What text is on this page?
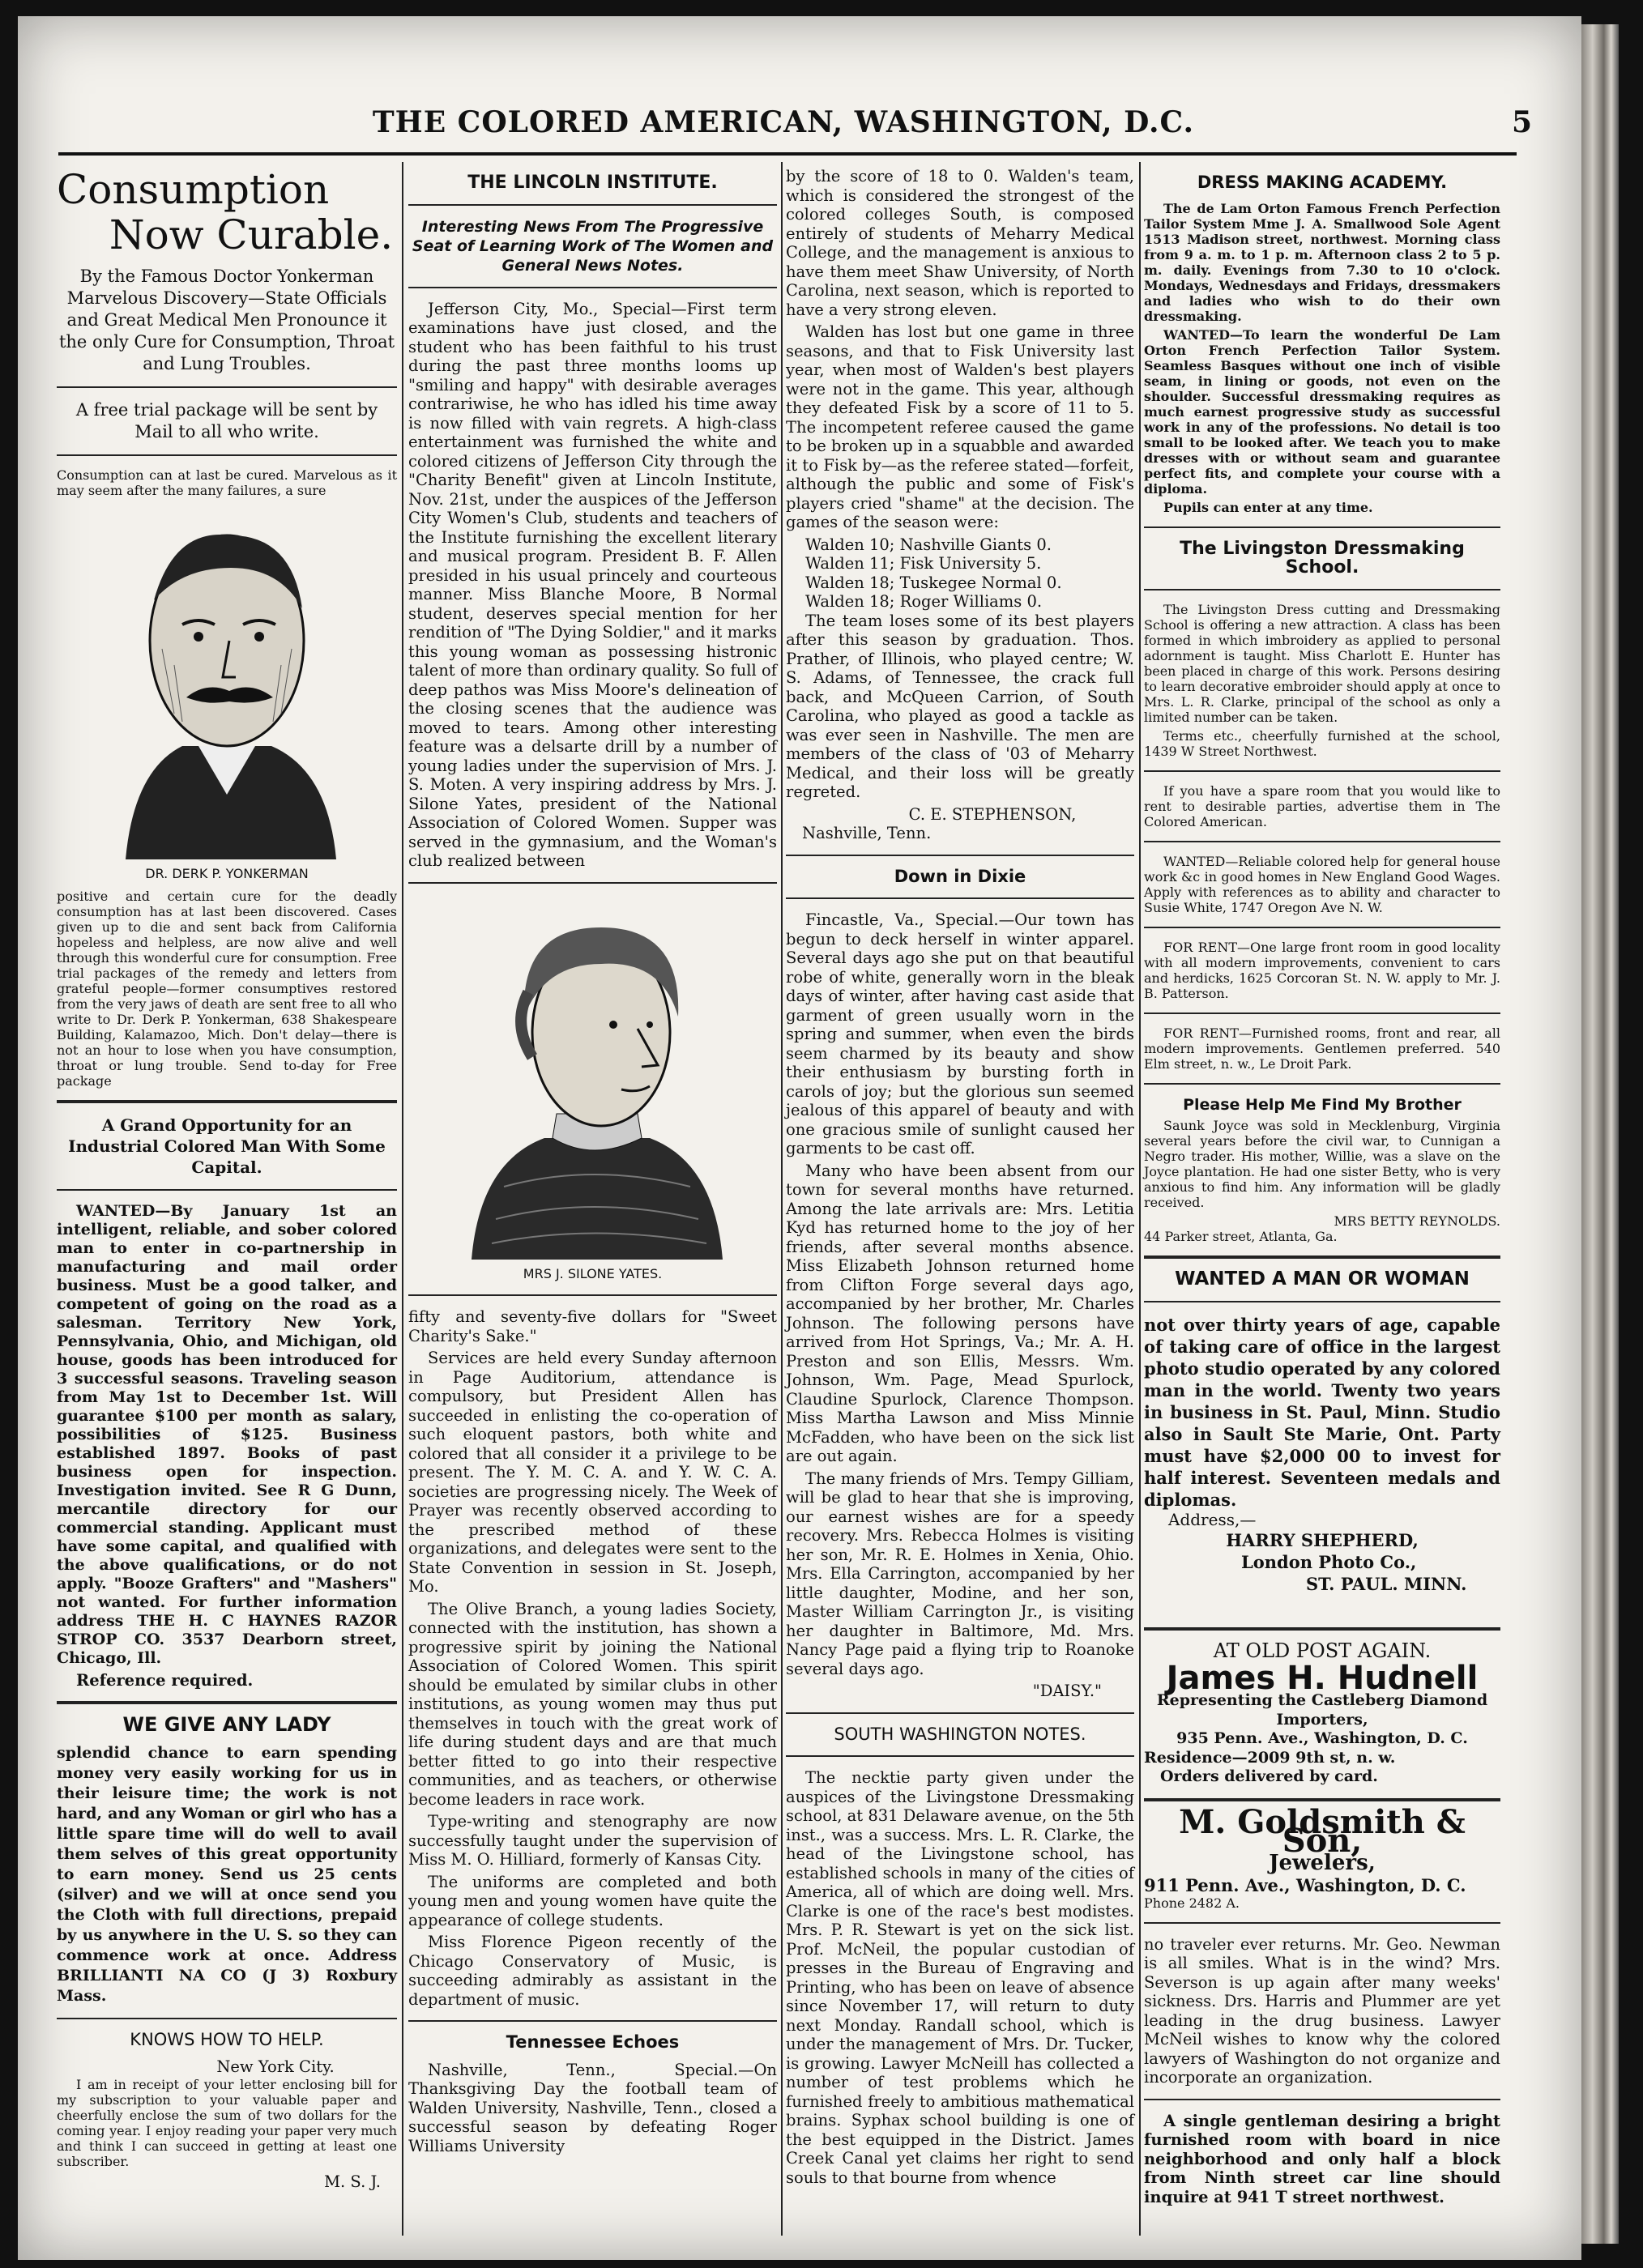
THE COLORED AMERICAN, WASHINGTON, D.C.	5
Consumption
Now Curable.
By the Famous Doctor Yonkerman Marvelous Discovery—State Officials and Great Medical Men Pronounce it the only Cure for Consumption, Throat and Lung Troubles.
A free trial package will be sent by Mail to all who write.
Consumption can at last be cured. Marvelous as it may seem after the many failures, a sure
DR. DERK P. YONKERMAN
positive and certain cure for the deadly consumption has at last been discovered. Cases given up to die and sent back from California hopeless and helpless, are now alive and well through this wonderful cure for consumption. Free trial packages of the remedy and letters from grateful people—former consumptives restored from the very jaws of death are sent free to all who write to Dr. Derk P. Yonkerman, 638 Shakespeare Building, Kalamazoo, Mich. Don't delay—there is not an hour to lose when you have consumption, throat or lung trouble. Send to-day for Free package
A Grand Opportunity for an Industrial Colored Man With Some Capital.

WANTED—By January 1st an intelligent, reliable, and sober colored man to enter in co-partnership in manufacturing and mail order business. Must be a good talker, and competent of going on the road as a salesman. Territory New York, Pennsylvania, Ohio, and Michigan, old house, goods has been introduced for 3 successful seasons. Traveling season from May 1st to December 1st. Will guarantee $100 per month as salary, possibilities of $125. Business established 1897. Books of past business open for inspection. Investigation invited. See R G Dunn, mercantile directory for our commercial standing. Applicant must have some capital, and qualified with the above qualifications, or do not apply. "Booze Grafters" and "Mashers" not wanted. For further information address THE H. C HAYNES RAZOR STROP CO. 3537 Dearborn street, Chicago, Ill.

Reference required.

WE GIVE ANY LADY
splendid chance to earn spending money very easily working for us in their leisure time; the work is not hard, and any Woman or girl who has a little spare time will do well to avail them selves of this great opportunity to earn money. Send us 25 cents (silver) and we will at once send you the Cloth with full directions, prepaid by us anywhere in the U. S. so they can commence work at once. Address BRILLIANTI NA CO (J 3) Roxbury Mass.
KNOWS HOW TO HELP.
New York City.

I am in receipt of your letter enclosing bill for my subscription to your valuable paper and cheerfully enclose the sum of two dollars for the coming year. I enjoy reading your paper very much and think I can succeed in getting at least one subscriber.

M. S. J.
THE LINCOLN INSTITUTE.
Interesting News From The Progressive Seat of Learning Work of The Women and General News Notes.

Jefferson City, Mo., Special—First term examinations have just closed, and the student who has been faithful to his trust during the past three months looms up "smiling and happy" with desirable averages contrariwise, he who has idled his time away is now filled with vain regrets. A high-class entertainment was furnished the white and colored citizens of Jefferson City through the "Charity Benefit" given at Lincoln Institute, Nov. 21st, under the auspices of the Jefferson City Women's Club, students and teachers of the Institute furnishing the excellent literary and musical program. President B. F. Allen presided in his usual princely and courteous manner. Miss Blanche Moore, B Normal student, deserves special mention for her rendition of "The Dying Soldier," and it marks this young woman as possessing histronic talent of more than ordinary quality. So full of deep pathos was Miss Moore's delineation of the closing scenes that the audience was moved to tears. Among other interesting feature was a delsarte drill by a number of young ladies under the supervision of Mrs. J. S. Moten. A very inspiring address by Mrs. J. Silone Yates, president of the National Association of Colored Women. Supper was served in the gymnasium, and the Woman's club realized between

MRS J. SILONE YATES.

fifty and seventy-five dollars for "Sweet Charity's Sake."

Services are held every Sunday afternoon in Page Auditorium, attendance is compulsory, but President Allen has succeeded in enlisting the co-operation of such eloquent pastors, both white and colored that all consider it a privilege to be present. The Y. M. C. A. and Y. W. C. A. societies are progressing nicely. The Week of Prayer was recently observed according to the prescribed method of these organizations, and delegates were sent to the State Convention in session in St. Joseph, Mo.

The Olive Branch, a young ladies Society, connected with the institution, has shown a progressive spirit by joining the National Association of Colored Women. This spirit should be emulated by similar clubs in other institutions, as young women may thus put themselves in touch with the great work of life during student days and are that much better fitted to go into their respective communities, and as teachers, or otherwise become leaders in race work.

Type-writing and stenography are now successfully taught under the supervision of Miss M. O. Hilliard, formerly of Kansas City.

The uniforms are completed and both young men and young women have quite the appearance of college students.

Miss Florence Pigeon recently of the Chicago Conservatory of Music, is succeeding admirably as assistant in the department of music.

Tennessee Echoes

Nashville, Tenn., Special.—On Thanksgiving Day the football team of Walden University, Nashville, Tenn., closed a successful season by defeating Roger Williams University

by the score of 18 to 0. Walden's team, which is considered the strongest of the colored colleges South, is composed entirely of students of Meharry Medical College, and the management is anxious to have them meet Shaw University, of North Carolina, next season, which is reported to have a very strong eleven.

Walden has lost but one game in three seasons, and that to Fisk University last year, when most of Walden's best players were not in the game. This year, although they defeated Fisk by a score of 11 to 5. The incompetent referee caused the game to be broken up in a squabble and awarded it to Fisk by—as the referee stated—forfeit, although the public and some of Fisk's players cried "shame" at the decision. The games of the season were:

Walden 10; Nashville Giants 0.
Walden 11; Fisk University 5.
Walden 18; Tuskegee Normal 0.
Walden 18; Roger Williams 0.

The team loses some of its best players after this season by graduation. Thos. Prather, of Illinois, who played centre; W. S. Adams, of Tennessee, the crack full back, and McQueen Carrion, of South Carolina, who played as good a tackle as was ever seen in Nashville. The men are members of the class of '03 of Meharry Medical, and their loss will be greatly regreted.

C. E. STEPHENSON,
Nashville, Tenn.
Down in Dixie

Fincastle, Va., Special.—Our town has begun to deck herself in winter apparel. Several days ago she put on that beautiful robe of white, generally worn in the bleak days of winter, after having cast aside that garment of green usually worn in the spring and summer, when even the birds seem charmed by its beauty and show their enthusiasm by bursting forth in carols of joy; but the glorious sun seemed jealous of this apparel of beauty and with one gracious smile of sunlight caused her garments to be cast off.

Many who have been absent from our town for several months have returned. Among the late arrivals are: Mrs. Letitia Kyd has returned home to the joy of her friends, after several months absence. Miss Elizabeth Johnson returned home from Clifton Forge several days ago, accompanied by her brother, Mr. Charles Johnson. The following persons have arrived from Hot Springs, Va.; Mr. A. H. Preston and son Ellis, Messrs. Wm. Johnson, Wm. Page, Mead Spurlock, Claudine Spurlock, Clarence Thompson. Miss Martha Lawson and Miss Minnie McFadden, who have been on the sick list are out again.

The many friends of Mrs. Tempy Gilliam, will be glad to hear that she is improving, our earnest wishes are for a speedy recovery. Mrs. Rebecca Holmes is visiting her son, Mr. R. E. Holmes in Xenia, Ohio. Mrs. Ella Carrington, accompanied by her little daughter, Modine, and her son, Master William Carrington Jr., is visiting her daughter in Baltimore, Md. Mrs. Nancy Page paid a flying trip to Roanoke several days ago.

"DAISY."
SOUTH WASHINGTON NOTES.

The necktie party given under the auspices of the Livingstone Dressmaking school, at 831 Delaware avenue, on the 5th inst., was a success. Mrs. L. R. Clarke, the head of the Livingstone school, has established schools in many of the cities of America, all of which are doing well. Mrs. Clarke is one of the race's best modistes. Mrs. P. R. Stewart is yet on the sick list. Prof. McNeil, the popular custodian of presses in the Bureau of Engraving and Printing, who has been on leave of absence since November 17, will return to duty next Monday. Randall school, which is under the management of Mrs. Dr. Tucker, is growing. Lawyer McNeill has collected a number of test problems which he furnished freely to ambitious mathematical brains. Syphax school building is one of the best equipped in the District. James Creek Canal yet claims her right to send souls to that bourne from whence

DRESS MAKING ACADEMY.

The de Lam Orton Famous French Perfection Tailor System Mme J. A. Smallwood Sole Agent 1513 Madison street, northwest. Morning class from 9 a. m. to 1 p. m. Afternoon class 2 to 5 p. m. daily. Evenings from 7.30 to 10 o'clock. Mondays, Wednesdays and Fridays, dressmakers and ladies who wish to do their own dressmaking.

WANTED—To learn the wonderful De Lam Orton French Perfection Tailor System. Seamless Basques without one inch of visible seam, in lining or goods, not even on the shoulder. Successful dressmaking requires as much earnest progressive study as successful work in any of the professions. No detail is too small to be looked after. We teach you to make dresses with or without seam and guarantee perfect fits, and complete your course with a diploma.

Pupils can enter at any time.

The Livingston Dressmaking School.

The Livingston Dress cutting and Dressmaking School is offering a new attraction. A class has been formed in which imbroidery as applied to personal adornment is taught. Miss Charlott E. Hunter has been placed in charge of this work. Persons desiring to learn decorative embroider should apply at once to Mrs. L. R. Clarke, principal of the school as only a limited number can be taken.

Terms etc., cheerfully furnished at the school, 1439 W Street Northwest.

If you have a spare room that you would like to rent to desirable parties, advertise them in The Colored American.

WANTED—Reliable colored help for general house work &c in good homes in New England Good Wages. Apply with references as to ability and character to Susie White, 1747 Oregon Ave N. W.

FOR RENT—One large front room in good locality with all modern improvements, convenient to cars and herdicks, 1625 Corcoran St. N. W. apply to Mr. J. B. Patterson.

FOR RENT—Furnished rooms, front and rear, all modern improvements. Gentlemen preferred. 540 Elm street, n. w., Le Droit Park.

Please Help Me Find My Brother

Saunk Joyce was sold in Mecklenburg, Virginia several years before the civil war, to Cunnigan a Negro trader. His mother, Willie, was a slave on the Joyce plantation. He had one sister Betty, who is very anxious to find him. Any information will be gladly received.

MRS BETTY REYNOLDS.
44 Parker street, Atlanta, Ga.
WANTED A MAN OR WOMAN
not over thirty years of age, capable of taking care of office in the largest photo studio operated by any colored man in the world. Twenty two years in business in St. Paul, Minn. Studio also in Sault Ste Marie, Ont. Party must have $2,000 00 to invest for half interest. Seventeen medals and diplomas.
Address,—
HARRY SHEPHERD,
London Photo Co.,
ST. PAUL. MINN.
AT OLD POST AGAIN.
James H. Hudnell
Representing the Castleberg Diamond Importers,
935 Penn. Ave., Washington, D. C.
Residence—2009 9th st, n. w.
Orders delivered by card.
M. Goldsmith & Son,
Jewelers,
911 Penn. Ave., Washington, D. C.
Phone 2482 A.

no traveler ever returns. Mr. Geo. Newman is all smiles. What is in the wind? Mrs. Severson is up again after many weeks' sickness. Drs. Harris and Plummer are yet leading in the drug business. Lawyer McNeil wishes to know why the colored lawyers of Washington do not organize and incorporate an organization.

A single gentleman desiring a bright furnished room with board in nice neighborhood and only half a block from Ninth street car line should inquire at 941 T street northwest.
